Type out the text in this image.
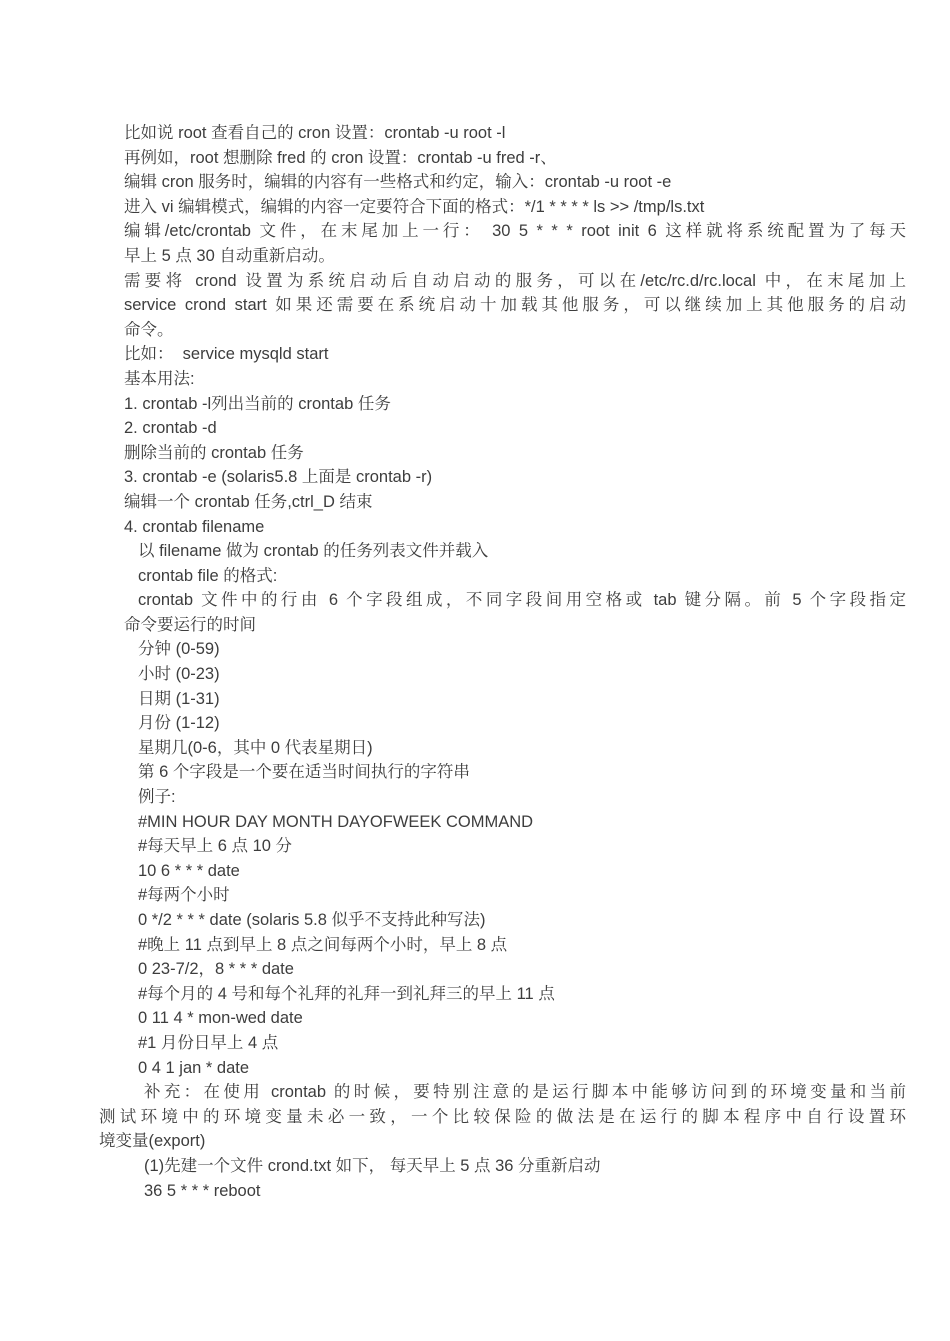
比如说 root 查看自己的 cron 设置：crontab -u root -l
再例如，root 想删除 fred 的 cron 设置：crontab -u fred -r、
编辑 cron 服务时，编辑的内容有一些格式和约定，输入：crontab -u root -e
进入 vi 编辑模式，编辑的内容一定要符合下面的格式：*/1 * * * * ls >> /tmp/ls.txt
编辑/etc/crontab 文件，在末尾加上一行： 30 5 * * * root init 6 这样就将系统配置为了每天
早上 5 点 30 自动重新启动。
需要将 crond 设置为系统启动后自动启动的服务，可以在/etc/rc.d/rc.local 中，在末尾加上
service crond start 如果还需要在系统启动十加载其他服务，可以继续加上其他服务的启动
命令。
比如：  service mysqld start
基本用法:
1. crontab -l列出当前的 crontab 任务
2. crontab -d
删除当前的 crontab 任务
3. crontab -e (solaris5.8 上面是 crontab -r)
编辑一个 crontab 任务,ctrl_D 结束
4. crontab filename
以 filename 做为 crontab 的任务列表文件并载入
crontab file 的格式:
crontab 文件中的行由 6 个字段组成，不同字段间用空格或 tab 键分隔。前 5 个字段指定
命令要运行的时间
分钟 (0-59)
小时 (0-23)
日期 (1-31)
月份 (1-12)
星期几(0-6，其中 0 代表星期日)
第 6 个字段是一个要在适当时间执行的字符串
例子:
#MIN HOUR DAY MONTH DAYOFWEEK COMMAND
#每天早上 6 点 10 分
10 6 * * * date
#每两个小时
0 */2 * * * date (solaris 5.8 似乎不支持此种写法)
#晚上 11 点到早上 8 点之间每两个小时，早上 8 点
0 23-7/2，8 * * * date
#每个月的 4 号和每个礼拜的礼拜一到礼拜三的早上 11 点
0 11 4 * mon-wed date
#1 月份日早上 4 点
0 4 1 jan * date
补充：在使用 crontab 的时候，要特别注意的是运行脚本中能够访问到的环境变量和当前
测试环境中的环境变量未必一致，一个比较保险的做法是在运行的脚本程序中自行设置环
境变量(export)
(1)先建一个文件 crond.txt 如下， 每天早上 5 点 36 分重新启动
36 5 * * * reboot
